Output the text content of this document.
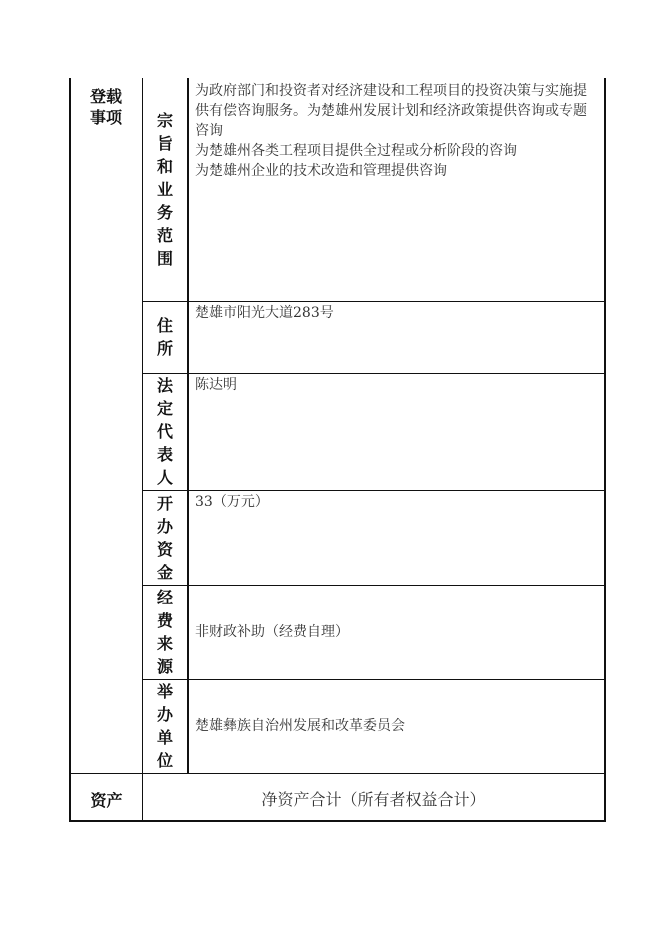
登载事项 宗
旨
和
业
务
范
围
住
所
法
定
代
表
人
开
办
资
金
经
费
来
源
举
办
单
位
为政府部门和投资者对经济建设和工程项目的投资决策与实施提供有偿咨询服务。为楚雄州发展计划和经济政策提供咨询或专题咨询
为楚雄州各类工程项目提供全过程或分析阶段的咨询
为楚雄州企业的技术改造和管理提供咨询
楚雄市阳光大道283号
陈达明
33（万元）
非财政补助（经费自理）
楚雄彝族自治州发展和改革委员会
资产	净资产合计（所有者权益合计）
